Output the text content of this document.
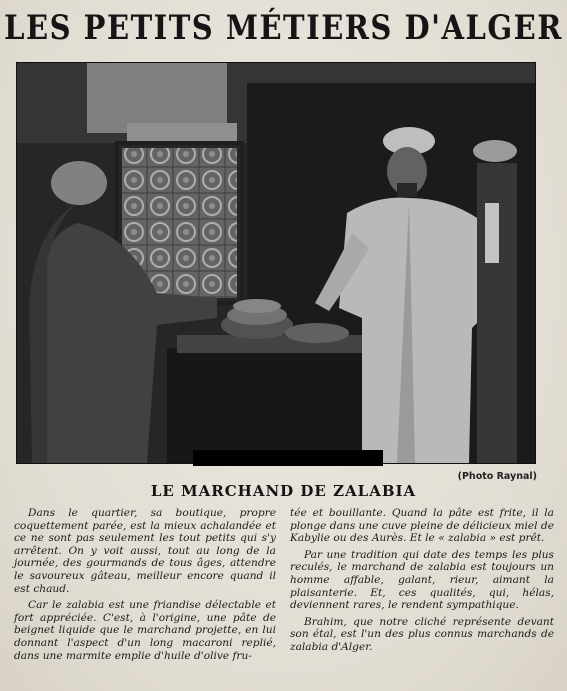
LES PETITS MÉTIERS D'ALGER
(Photo Raynal)
LE MARCHAND DE ZALABIA

Dans le quartier, sa boutique, propre coquettement parée, est la mieux achalandée et ce ne sont pas seulement les tout petits qui s'y arrêtent. On y voit aussi, tout au long de la journée, des gourmands de tous âges, attendre le savoureux gâteau, meilleur encore quand il est chaud.

Car le zalabia est une friandise délectable et fort appréciée. C'est, à l'origine, une pâte de beignet liquide que le marchand projette, en lui donnant l'aspect d'un long macaroni replié, dans une marmite emplie d'huile d'olive fru-

tée et bouillante. Quand la pâte est frite, il la plonge dans une cuve pleine de délicieux miel de Kabylie ou des Aurès. Et le « zalabia » est prêt.

Par une tradition qui date des temps les plus reculés, le marchand de zalabia est toujours un homme affable, galant, rieur, aimant la plaisanterie. Et, ces qualités, qui, hélas, deviennent rares, le rendent sympathique.

Brahim, que notre cliché représente devant son étal, est l'un des plus connus marchands de zalabia d'Alger.
